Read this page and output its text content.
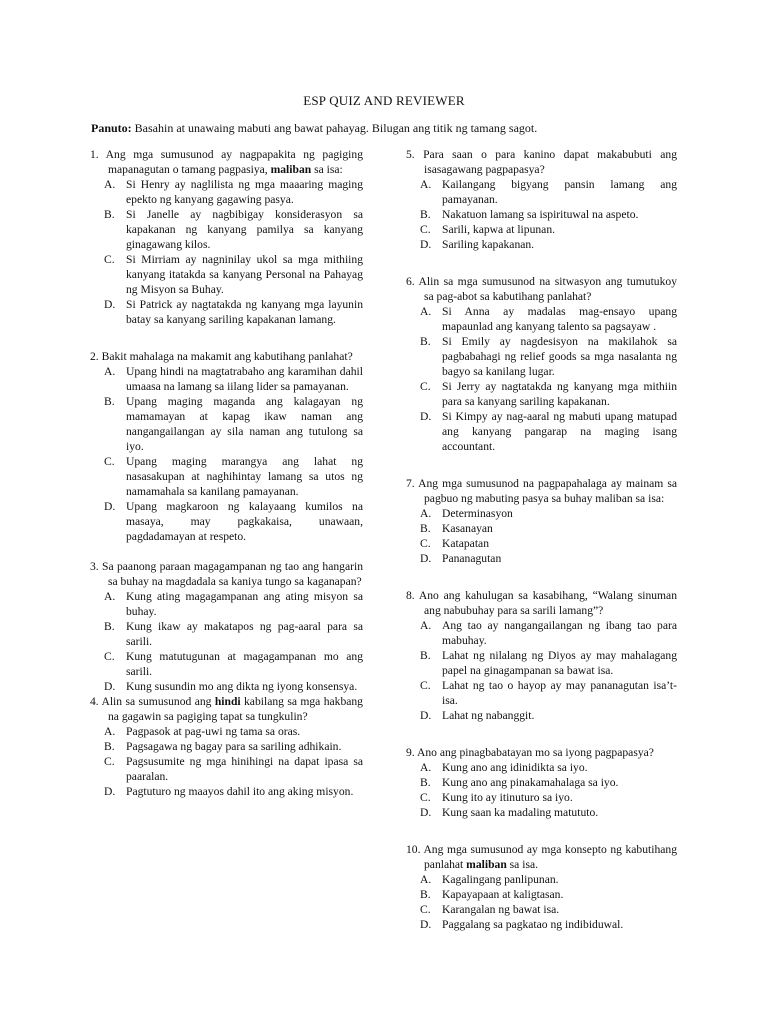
ESP QUIZ AND REVIEWER
Panuto: Basahin at unawaing mabuti ang bawat pahayag. Bilugan ang titik ng tamang sagot.
1. Ang mga sumusunod ay nagpapakita ng pagiging mapanagutan o tamang pagpasiya, maliban sa isa:
A. Si Henry ay naglilista ng mga maaaring maging epekto ng kanyang gagawing pasya.
B. Si Janelle ay nagbibigay konsiderasyon sa kapakanan ng kanyang pamilya sa kanyang ginagawang kilos.
C. Si Mirriam ay nagninilay ukol sa mga mithiing kanyang itatakda sa kanyang Personal na Pahayag ng Misyon sa Buhay.
D. Si Patrick ay nagtatakda ng kanyang mga layunin batay sa kanyang sariling kapakanan lamang.
2. Bakit mahalaga na makamit ang kabutihang panlahat?
A. Upang hindi na magtatrabaho ang karamihan dahil umaasa na lamang sa iilang lider sa pamayanan.
B. Upang maging maganda ang kalagayan ng mamamayan at kapag ikaw naman ang nangangailangan ay sila naman ang tutulong sa iyo.
C. Upang maging marangya ang lahat ng nasasakupan at naghihintay lamang sa utos ng namamahala sa kanilang pamayanan.
D. Upang magkaroon ng kalayaang kumilos na masaya, may pagkakaisa, unawaan, pagdadamayan at respeto.
3. Sa paanong paraan magagampanan ng tao ang hangarin sa buhay na magdadala sa kaniya tungo sa kaganapan?
A. Kung ating magagampanan ang ating misyon sa buhay.
B. Kung ikaw ay makatapos ng pag-aaral para sa sarili.
C. Kung matutugunan at magagampanan mo ang sarili.
D. Kung susundin mo ang dikta ng iyong konsensya.
4. Alin sa sumusunod ang hindi kabilang sa mga hakbang na gagawin sa pagiging tapat sa tungkulin?
A. Pagpasok at pag-uwi ng tama sa oras.
B. Pagsagawa ng bagay para sa sariling adhikain.
C. Pagsusumite ng mga hinihingi na dapat ipasa sa paaralan.
D. Pagtuturo ng maayos dahil ito ang aking misyon.
5. Para saan o para kanino dapat makabubuti ang isasagawang pagpapasya?
A. Kailangang bigyang pansin lamang ang pamayanan.
B. Nakatuon lamang sa ispirituwal na aspeto.
C. Sarili, kapwa at lipunan.
D. Sariling kapakanan.
6. Alin sa mga sumusunod na sitwasyon ang tumutukoy sa pag-abot sa kabutihang panlahat?
A. Si Anna ay madalas mag-ensayo upang mapaunlad ang kanyang talento sa pagsayaw .
B. Si Emily ay nagdesisyon na makilahok sa pagbabahagi ng relief goods sa mga nasalanta ng bagyo sa kanilang lugar.
C. Si Jerry ay nagtatakda ng kanyang mga mithiin para sa kanyang sariling kapakanan.
D. Si Kimpy ay nag-aaral ng mabuti upang matupad ang kanyang pangarap na maging isang accountant.
7. Ang mga sumusunod na pagpapahalaga ay mainam sa pagbuo ng mabuting pasya sa buhay maliban sa isa:
A. Determinasyon
B. Kasanayan
C. Katapatan
D. Pananagutan
8. Ano ang kahulugan sa kasabihang, “Walang sinuman ang nabubuhay para sa sarili lamang”?
A. Ang tao ay nangangailangan ng ibang tao para mabuhay.
B. Lahat ng nilalang ng Diyos ay may mahalagang papel na ginagampanan sa bawat isa.
C. Lahat ng tao o hayop ay may pananagutan isa’t-isa.
D. Lahat ng nabanggit.
9. Ano ang pinagbabatayan mo sa iyong pagpapasya?
A. Kung ano ang idinidikta sa iyo.
B. Kung ano ang pinakamahalaga sa iyo.
C. Kung ito ay itinuturo sa iyo.
D. Kung saan ka madaling matututo.
10. Ang mga sumusunod ay mga konsepto ng kabutihang panlahat maliban sa isa.
A. Kagalingang panlipunan.
B. Kapayapaan at kaligtasan.
C. Karangalan ng bawat isa.
D. Paggalang sa pagkatao ng indibiduwal.
